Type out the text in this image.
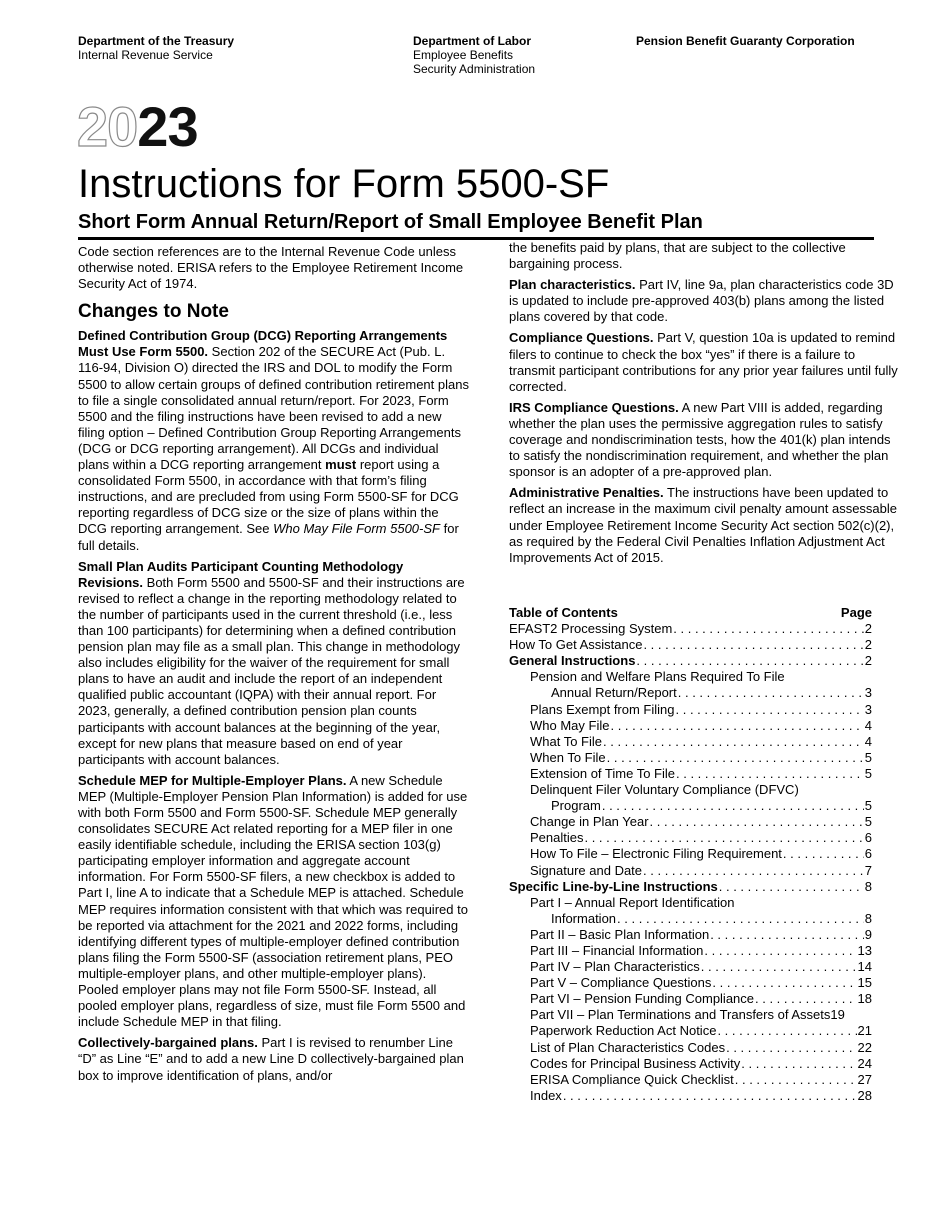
Department of the Treasury
Internal Revenue Service
Department of Labor
Employee Benefits
Security Administration
Pension Benefit Guaranty Corporation
2023
Instructions for Form 5500-SF
Short Form Annual Return/Report of Small Employee Benefit Plan

Code section references are to the Internal Revenue Code unless otherwise noted. ERISA refers to the Employee Retirement Income Security Act of 1974.

Changes to Note

Defined Contribution Group (DCG) Reporting Arrangements Must Use Form 5500. Section 202 of the SECURE Act (Pub. L. 116-94, Division O) directed the IRS and DOL to modify the Form 5500 to allow certain groups of defined contribution retirement plans to file a single consolidated annual return/report. For 2023, Form 5500 and the filing instructions have been revised to add a new filing option – Defined Contribution Group Reporting Arrangements (DCG or DCG reporting arrangement). All DCGs and individual plans within a DCG reporting arrangement must report using a consolidated Form 5500, in accordance with that form’s filing instructions, and are precluded from using Form 5500-SF for DCG reporting regardless of DCG size or the size of plans within the DCG reporting arrangement. See Who May File Form 5500-SF for full details.

Small Plan Audits Participant Counting Methodology Revisions. Both Form 5500 and 5500-SF and their instructions are revised to reflect a change in the reporting methodology related to the number of participants used in the current threshold (i.e., less than 100 participants) for determining when a defined contribution pension plan may file as a small plan. This change in methodology also includes eligibility for the waiver of the requirement for small plans to have an audit and include the report of an independent qualified public accountant (IQPA) with their annual report. For 2023, generally, a defined contribution pension plan counts participants with account balances at the beginning of the year, except for new plans that measure based on end of year participants with account balances.

Schedule MEP for Multiple-Employer Plans. A new Schedule MEP (Multiple-Employer Pension Plan Information) is added for use with both Form 5500 and Form 5500-SF. Schedule MEP generally consolidates SECURE Act related reporting for a MEP filer in one easily identifiable schedule, including the ERISA section 103(g) participating employer information and aggregate account information. For Form 5500-SF filers, a new checkbox is added to Part I, line A to indicate that a Schedule MEP is attached. Schedule MEP requires information consistent with that which was required to be reported via attachment for the 2021 and 2022 forms, including identifying different types of multiple-employer defined contribution plans filing the Form 5500-SF (association retirement plans, PEO multiple-employer plans, and other multiple-employer plans). Pooled employer plans may not file Form 5500-SF. Instead, all pooled employer plans, regardless of size, must file Form 5500 and include Schedule MEP in that filing.

Collectively-bargained plans. Part I is revised to renumber Line “D” as Line “E” and to add a new Line D collectively-bargained plan box to improve identification of plans, and/or

the benefits paid by plans, that are subject to the collective bargaining process.

Plan characteristics. Part IV, line 9a, plan characteristics code 3D is updated to include pre-approved 403(b) plans among the listed plans covered by that code.

Compliance Questions. Part V, question 10a is updated to remind filers to continue to check the box “yes” if there is a failure to transmit participant contributions for any prior year failures until fully corrected.

IRS Compliance Questions. A new Part VIII is added, regarding whether the plan uses the permissive aggregation rules to satisfy coverage and nondiscrimination tests, how the 401(k) plan intends to satisfy the nondiscrimination requirement, and whether the plan sponsor is an adopter of a pre-approved plan.

Administrative Penalties. The instructions have been updated to reflect an increase in the maximum civil penalty amount assessable under Employee Retirement Income Security Act section 502(c)(2), as required by the Federal Civil Penalties Inflation Adjustment Act Improvements Act of 2015.

Table of Contents	Page
EFAST2 Processing System . . .	2
How To Get Assistance . . .	2
General Instructions . . .	2
Pension and Welfare Plans Required To File
Annual Return/Report . . .	3
Plans Exempt from Filing . . .	3
Who May File . . .	4
What To File . . .	4
When To File . . .	5
Extension of Time To File . . .	5
Delinquent Filer Voluntary Compliance (DFVC)
Program . . .	5
Change in Plan Year . . .	5
Penalties . . .	6
How To File – Electronic Filing Requirement . . .	6
Signature and Date . . .	7
Specific Line-by-Line Instructions . . .	8
Part I – Annual Report Identification
Information . . .	8
Part II – Basic Plan Information . . .	9
Part III – Financial Information . . .	13
Part IV – Plan Characteristics . . .	14
Part V – Compliance Questions . . .	15
Part VI – Pension Funding Compliance . . .	18
Part VII – Plan Terminations and Transfers of Assets 19
Paperwork Reduction Act Notice . . .	21
List of Plan Characteristics Codes . . .	22
Codes for Principal Business Activity . . .	24
ERISA Compliance Quick Checklist . . .	27
Index . . .	28
